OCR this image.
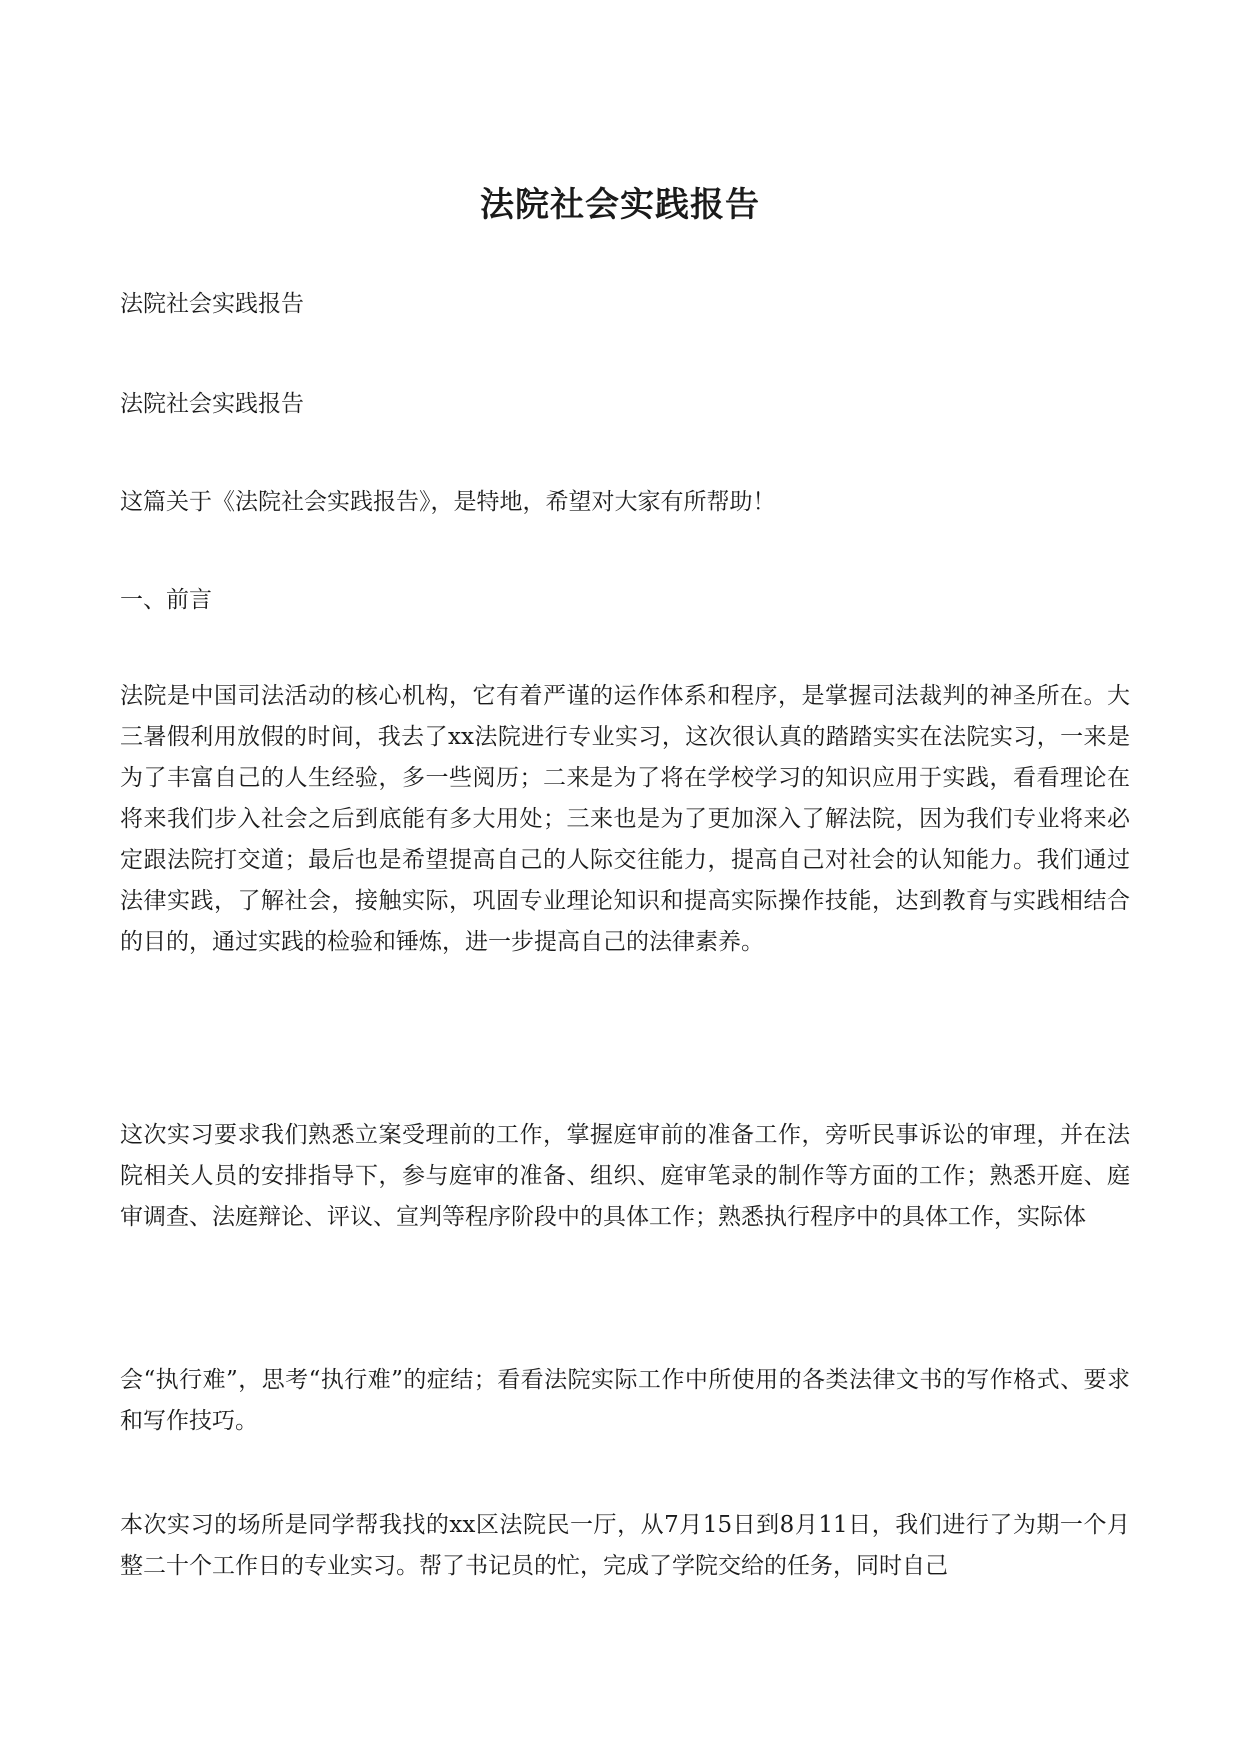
法院社会实践报告

法院社会实践报告

法院社会实践报告

这篇关于《法院社会实践报告》，是特地，希望对大家有所帮助！

一、前言

法院是中国司法活动的核心机构，它有着严谨的运作体系和程序，是掌握司法裁判的神圣所在。大三暑假利用放假的时间，我去了xx法院进行专业实习，这次很认真的踏踏实实在法院实习，一来是为了丰富自己的人生经验，多一些阅历；二来是为了将在学校学习的知识应用于实践，看看理论在将来我们步入社会之后到底能有多大用处；三来也是为了更加深入了解法院，因为我们专业将来必定跟法院打交道；最后也是希望提高自己的人际交往能力，提高自己对社会的认知能力。我们通过法律实践，了解社会，接触实际，巩固专业理论知识和提高实际操作技能，达到教育与实践相结合的目的，通过实践的检验和锤炼，进一步提高自己的法律素养。

这次实习要求我们熟悉立案受理前的工作，掌握庭审前的准备工作，旁听民事诉讼的审理，并在法院相关人员的安排指导下，参与庭审的准备、组织、庭审笔录的制作等方面的工作；熟悉开庭、庭审调查、法庭辩论、评议、宣判等程序阶段中的具体工作；熟悉执行程序中的具体工作，实际体

会“执行难”，思考“执行难”的症结；看看法院实际工作中所使用的各类法律文书的写作格式、要求和写作技巧。

本次实习的场所是同学帮我找的xx区法院民一厅，从7月15日到8月11日，我们进行了为期一个月整二十个工作日的专业实习。帮了书记员的忙，完成了学院交给的任务，同时自己
